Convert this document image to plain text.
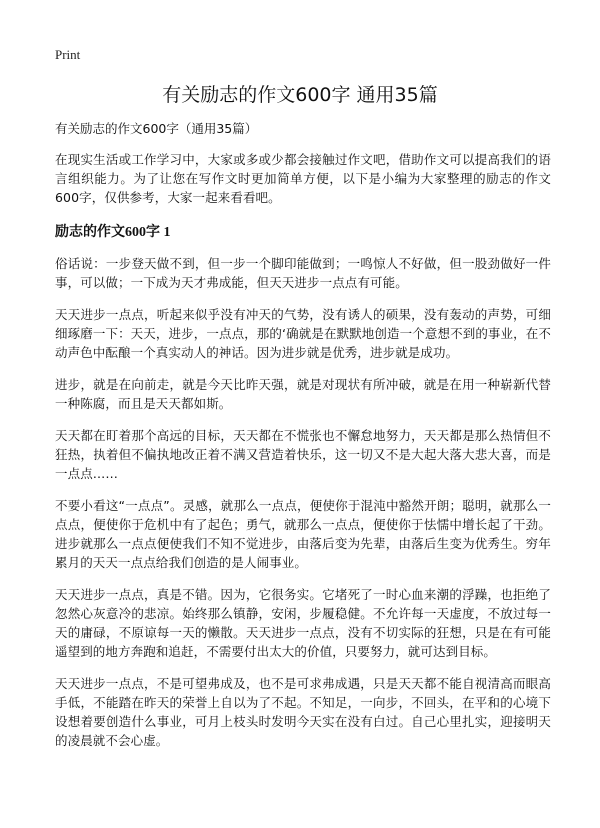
Print
有关励志的作文600字 通用35篇

有关励志的作文600字（通用35篇）

在现实生活或工作学习中，大家或多或少都会接触过作文吧，借助作文可以提高我们的语言组织能力。为了让您在写作文时更加简单方便，以下是小编为大家整理的励志的作文600字，仅供参考，大家一起来看看吧。

励志的作文600字 1

俗话说：一步登天做不到，但一步一个脚印能做到；一鸣惊人不好做，但一股劲做好一件事，可以做；一下成为天才弗成能，但天天进步一点点有可能。

天天进步一点点，听起来似乎没有冲天的气势，没有诱人的硕果，没有轰动的声势，可细细琢磨一下：天天，进步，一点点，那的‘确就是在默默地创造一个意想不到的事业，在不动声色中酝酿一个真实动人的神话。因为进步就是优秀，进步就是成功。

进步，就是在向前走，就是今天比昨天强，就是对现状有所冲破，就是在用一种崭新代替一种陈腐，而且是天天都如斯。

天天都在盯着那个高远的目标，天天都在不慌张也不懈怠地努力，天天都是那么热情但不狂热，执着但不偏执地改正着不满又营造着快乐，这一切又不是大起大落大悲大喜，而是一点点……

不要小看这“一点点”。灵感，就那么一点点，便使你于混沌中豁然开朗；聪明，就那么一点点，便使你于危机中有了起色；勇气，就那么一点点，便使你于怯懦中增长起了干劲。进步就那么一点点便使我们不知不觉进步，由落后变为先辈，由落后生变为优秀生。穷年累月的天天一点点给我们创造的是人闹事业。

天天进步一点点，真是不错。因为，它很务实。它堵死了一时心血来潮的浮躁，也拒绝了忽然心灰意冷的悲凉。始终那么镇静，安闲，步履稳健。不允许每一天虚度，不放过每一天的庸碌，不原谅每一天的懒散。天天进步一点点，没有不切实际的狂想，只是在有可能遥望到的地方奔跑和追赶，不需要付出太大的价值，只要努力，就可达到目标。

天天进步一点点，不是可望弗成及，也不是可求弗成遇，只是天天都不能自视清高而眼高手低，不能踏在昨天的荣誉上自以为了不起。不知足，一向步，不回头，在平和的心境下设想着要创造什么事业，可月上枝头时发明今天实在没有白过。自己心里扎实，迎接明天的凌晨就不会心虚。
